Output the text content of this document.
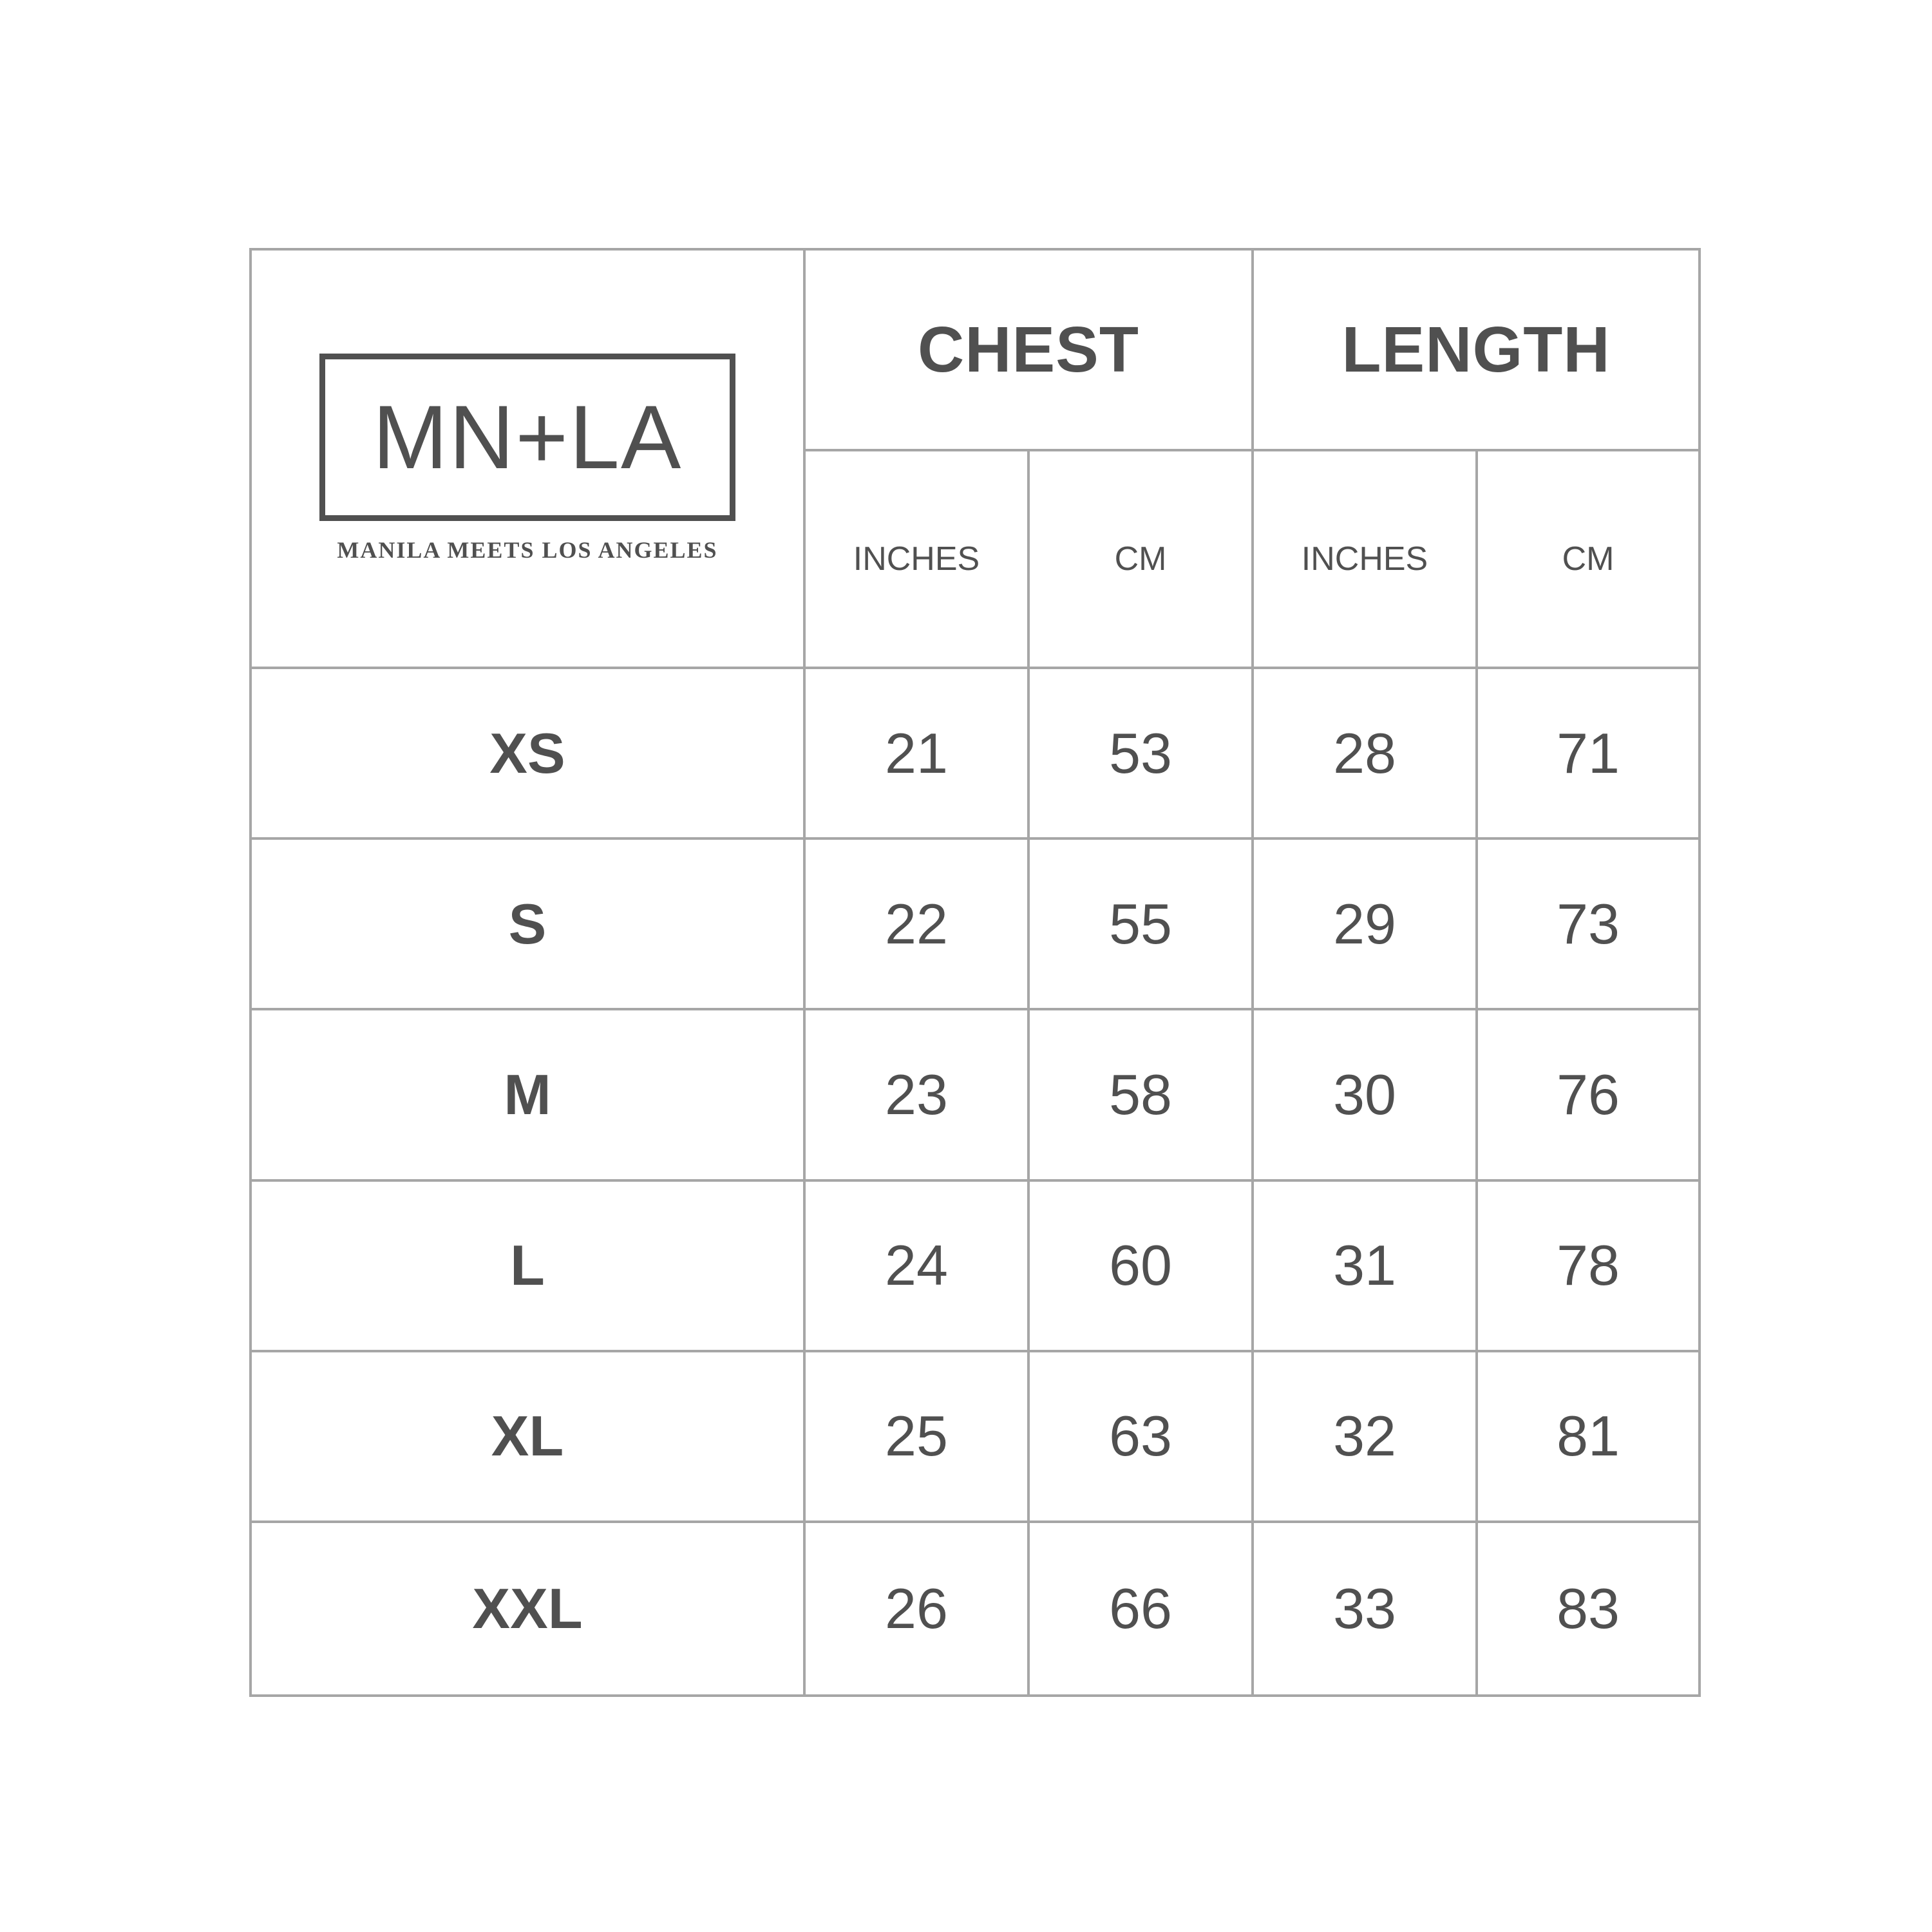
MN+LA
MANILA MEETS LOS ANGELES	CHEST		LENGTH	
	INCHES	CM	INCHES	CM
XS	21	53	28	71
S	22	55	29	73
M	23	58	30	76
L	24	60	31	78
XL	25	63	32	81
XXL	26	66	33	83
